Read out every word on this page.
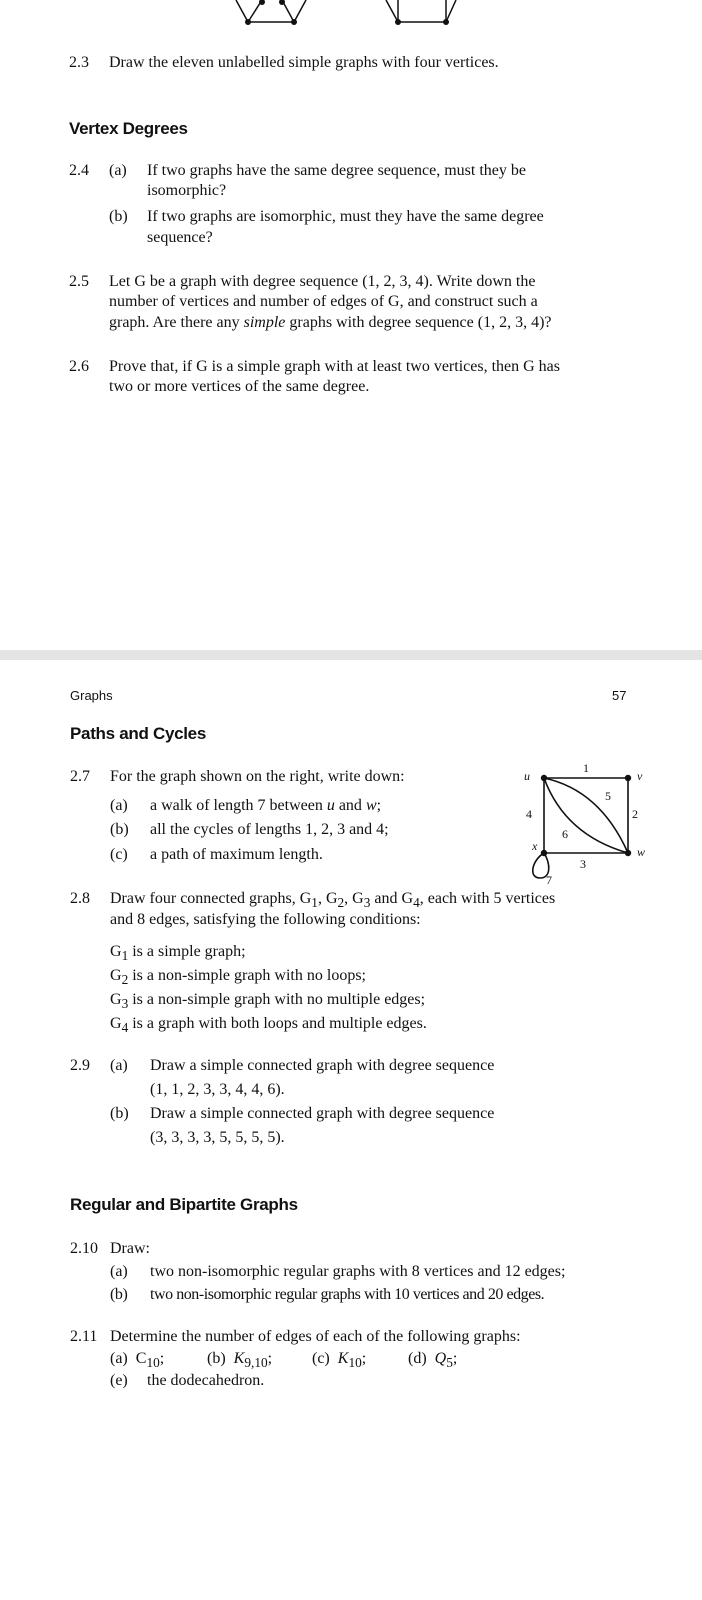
2.3 Draw the eleven unlabelled simple graphs with four vertices.
Vertex Degrees
2.4 (a) If two graphs have the same degree sequence, must they be
isomorphic?
(b) If two graphs are isomorphic, must they have the same degree
sequence?
2.5 Let G be a graph with degree sequence (1, 2, 3, 4). Write down the
number of vertices and number of edges of G, and construct such a
graph. Are there any simple graphs with degree sequence (1, 2, 3, 4)?
2.6 Prove that, if G is a simple graph with at least two vertices, then G has
two or more vertices of the same degree.
Graphs	57
Paths and Cycles
2.7 For the graph shown on the right, write down:
(a) a walk of length 7 between u and w;
(b) all the cycles of lengths 1, 2, 3 and 4;
(c) a path of maximum length.
u	v
w
x
1
2
3
4
5
6
7
2.8 Draw four connected graphs, $G_1$, $G_2$, $G_3$ and $G_4$, each with 5 vertices
and 8 edges, satisfying the following conditions:
$G_1$ is a simple graph;
$G_2$ is a non-simple graph with no loops;
$G_3$ is a non-simple graph with no multiple edges;
$G_4$ is a graph with both loops and multiple edges.
2.9 (a) Draw a simple connected graph with degree sequence
(1, 1, 2, 3, 3, 4, 4, 6).
(b) Draw a simple connected graph with degree sequence
(3, 3, 3, 3, 5, 5, 5, 5).
Regular and Bipartite Graphs
2.10 Draw:
(a) two non-isomorphic regular graphs with 8 vertices and 12 edges;
(b) two non-isomorphic regular graphs with 10 vertices and 20 edges.
2.11 Determine the number of edges of each of the following graphs:
(a) $C_{10}$;	(b) $K_{9,10}$; (c) $K_{10}$;	(d) $Q_5$;
(e) the dodecahedron.
